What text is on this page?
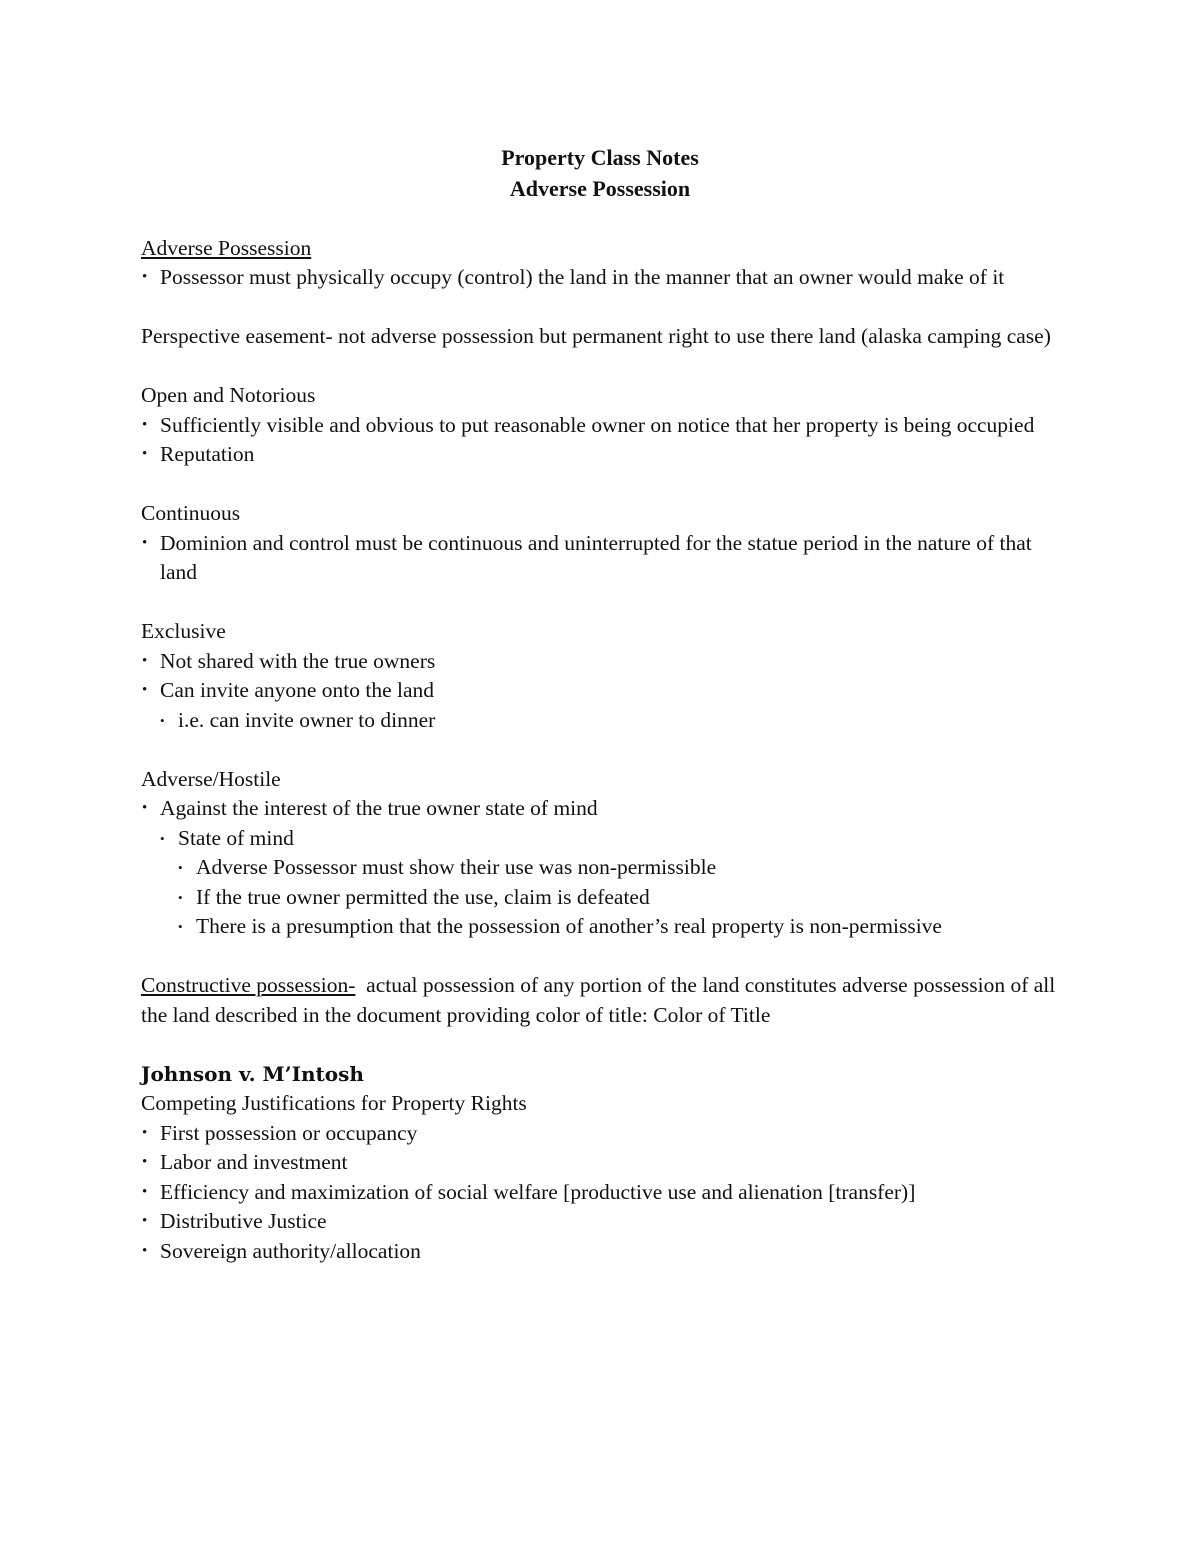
Property Class Notes
Adverse Possession
Adverse Possession
• Possessor must physically occupy (control) the land in the manner that an owner would make of it
Perspective easement- not adverse possession but permanent right to use there land (alaska camping case)
Open and Notorious
• Sufficiently visible and obvious to put reasonable owner on notice that her property is being occupied
• Reputation
Continuous
• Dominion and control must be continuous and uninterrupted for the statue period in the nature of that land
Exclusive
• Not shared with the true owners
• Can invite anyone onto the land
• i.e. can invite owner to dinner
Adverse/Hostile
• Against the interest of the true owner state of mind
• State of mind
• Adverse Possessor must show their use was non-permissible
• If the true owner permitted the use, claim is defeated
• There is a presumption that the possession of another’s real property is non-permissive
Constructive possession-  actual possession of any portion of the land constitutes adverse possession of all the land described in the document providing color of title: Color of Title
Johnson v. M’Intosh
Competing Justifications for Property Rights
• First possession or occupancy
• Labor and investment
• Efficiency and maximization of social welfare [productive use and alienation [transfer)]
• Distributive Justice
• Sovereign authority/allocation
